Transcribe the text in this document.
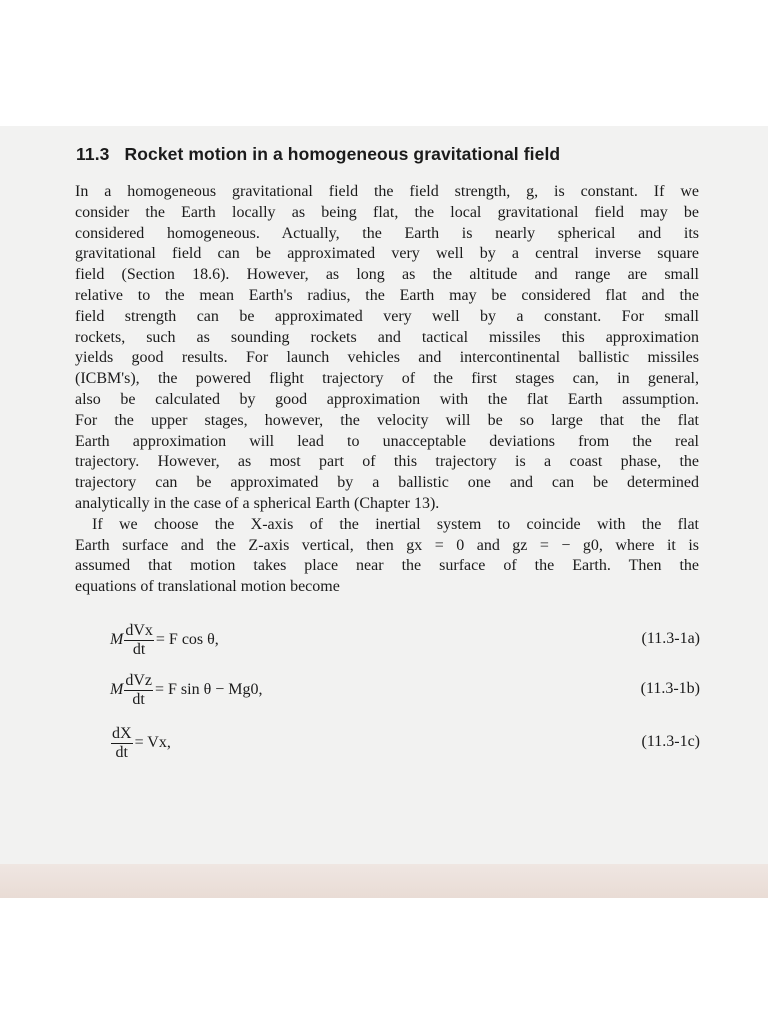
11.3 Rocket motion in a homogeneous gravitational field
In a homogeneous gravitational field the field strength, g, is constant. If we
consider the Earth locally as being flat, the local gravitational field may be
considered homogeneous. Actually, the Earth is nearly spherical and its
gravitational field can be approximated very well by a central inverse square
field (Section 18.6). However, as long as the altitude and range are small
relative to the mean Earth's radius, the Earth may be considered flat and the
field strength can be approximated very well by a constant. For small
rockets, such as sounding rockets and tactical missiles this approximation
yields good results. For launch vehicles and intercontinental ballistic missiles
(ICBM's), the powered flight trajectory of the first stages can, in general,
also be calculated by good approximation with the flat Earth assumption.
For the upper stages, however, the velocity will be so large that the flat
Earth approximation will lead to unacceptable deviations from the real
trajectory. However, as most part of this trajectory is a coast phase, the
trajectory can be approximated by a ballistic one and can be determined
analytically in the case of a spherical Earth (Chapter 13).
If we choose the X-axis of the inertial system to coincide with the flat
Earth surface and the Z-axis vertical, then gx = 0 and gz = − g0, where it is
assumed that motion takes place near the surface of the Earth. Then the
equations of translational motion become
M $\frac{\text{dVx}}{dt} = F$ cos θ,	(11.3-1a)
M $\frac{\text{dVz}}{dt} = F$ sin θ − Mg0,	(11.3-1b)
$\frac{dX}{dt} = Vx$,	(11.3-1c)
